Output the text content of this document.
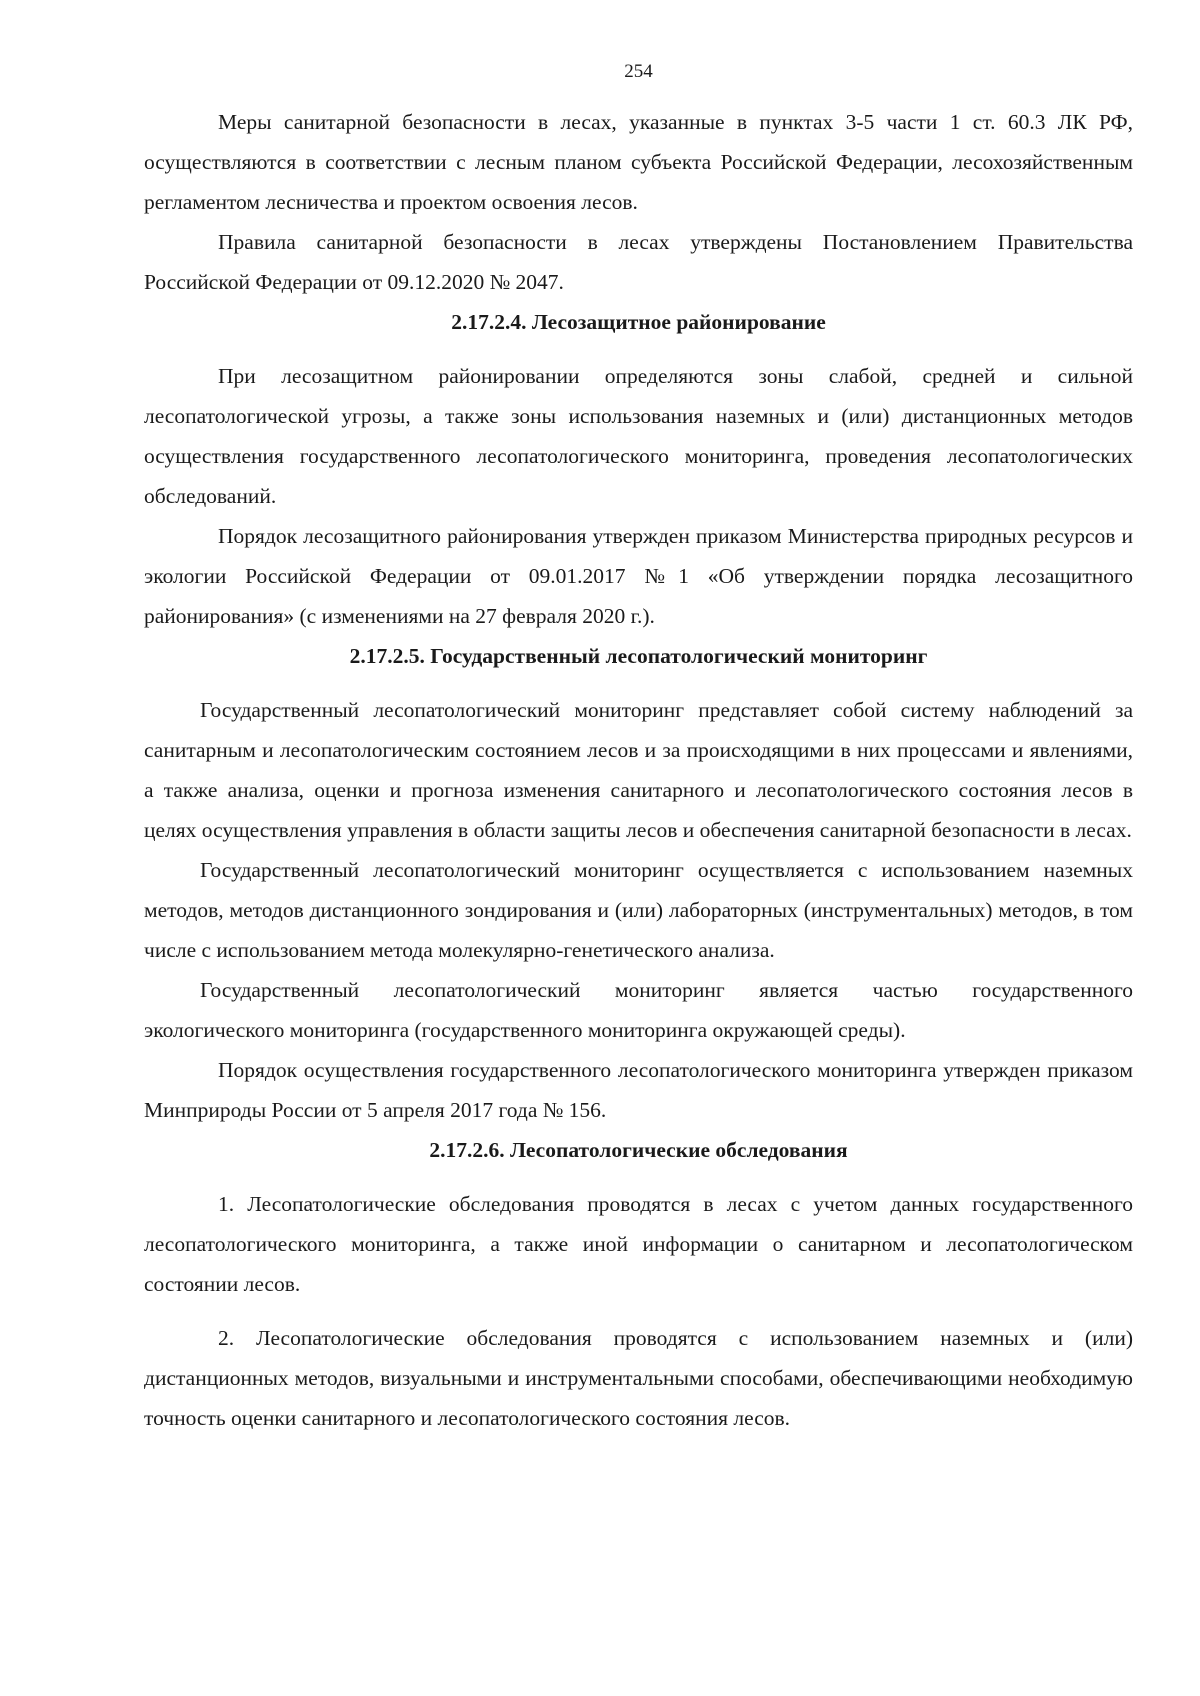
254

Меры санитарной безопасности в лесах, указанные в пунктах 3-5 части 1 ст. 60.3 ЛК РФ, осуществляются в соответствии с лесным планом субъекта Российской Федерации, лесохозяйственным регламентом лесничества и проектом освоения лесов.

Правила санитарной безопасности в лесах утверждены Постановлением Правительства Российской Федерации от 09.12.2020 № 2047.

2.17.2.4. Лесозащитное районирование

При лесозащитном районировании определяются зоны слабой, средней и сильной лесопатологической угрозы, а также зоны использования наземных и (или) дистанционных методов осуществления государственного лесопатологического мониторинга, проведения лесопатологических обследований.

Порядок лесозащитного районирования утвержден приказом Министерства природных ресурсов и экологии Российской Федерации от 09.01.2017 №1 «Об утверждении порядка лесозащитного районирования» (с изменениями на 27 февраля 2020 г.).

2.17.2.5. Государственный лесопатологический мониторинг

Государственный лесопатологический мониторинг представляет собой систему наблюдений за санитарным и лесопатологическим состоянием лесов и за происходящими в них процессами и явлениями, а также анализа, оценки и прогноза изменения санитарного и лесопатологического состояния лесов в целях осуществления управления в области защиты лесов и обеспечения санитарной безопасности в лесах.

Государственный лесопатологический мониторинг осуществляется с использованием наземных методов, методов дистанционного зондирования и (или) лабораторных (инструментальных) методов, в том числе с использованием метода молекулярно-генетического анализа.

Государственный лесопатологический мониторинг является частью государственного экологического мониторинга (государственного мониторинга окружающей среды).

Порядок осуществления государственного лесопатологического мониторинга утвержден приказом Минприроды России от 5 апреля 2017 года № 156.

2.17.2.6. Лесопатологические обследования

1. Лесопатологические обследования проводятся в лесах с учетом данных государственного лесопатологического мониторинга, а также иной информации о санитарном и лесопатологическом состоянии лесов.

2. Лесопатологические обследования проводятся с использованием наземных и (или) дистанционных методов, визуальными и инструментальными способами, обеспечивающими необходимую точность оценки санитарного и лесопатологического состояния лесов.
